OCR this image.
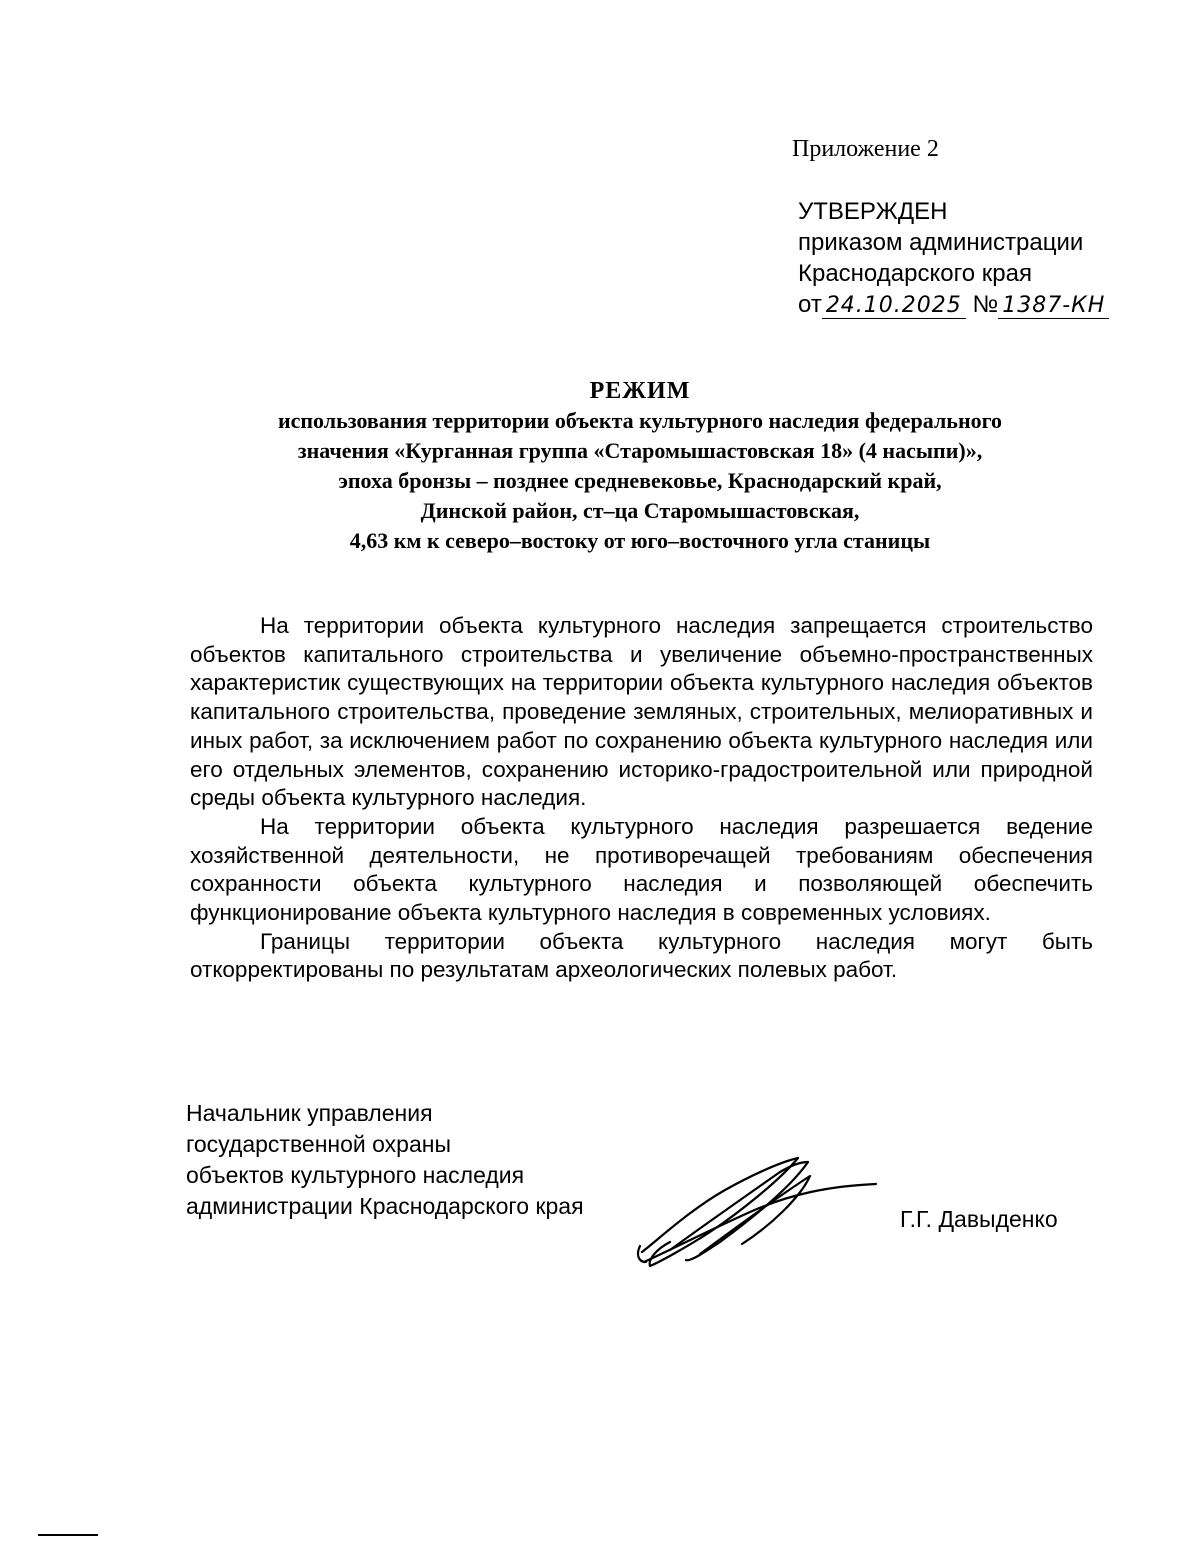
Приложение 2
УТВЕРЖДЕН
приказом администрации
Краснодарского края
от 24.10.2025 № 1387-КН
РЕЖИМ
использования территории объекта культурного наследия федерального
значения «Курганная группа «Старомышастовская 18» (4 насыпи)»,
эпоха бронзы – позднее средневековье, Краснодарский край,
Динской район, ст–ца Старомышастовская,
4,63 км к северо–востоку от юго–восточного угла станицы

На территории объекта культурного наследия запрещается строительство объектов капитального строительства и увеличение объемно-пространственных характеристик существующих на территории объекта культурного наследия объектов капитального строительства, проведение земляных, строительных, мелиоративных и иных работ, за исключением работ по сохранению объекта культурного наследия или его отдельных элементов, сохранению историко-градостроительной или природной среды объекта культурного наследия.

На территории объекта культурного наследия разрешается ведение хозяйственной деятельности, не противоречащей требованиям обеспечения сохранности объекта культурного наследия и позволяющей обеспечить функционирование объекта культурного наследия в современных условиях.

Границы территории объекта культурного наследия могут быть откорректированы по результатам археологических полевых работ.

Начальник управления
государственной охраны
объектов культурного наследия
администрации Краснодарского края	Г.Г. Давыденко
